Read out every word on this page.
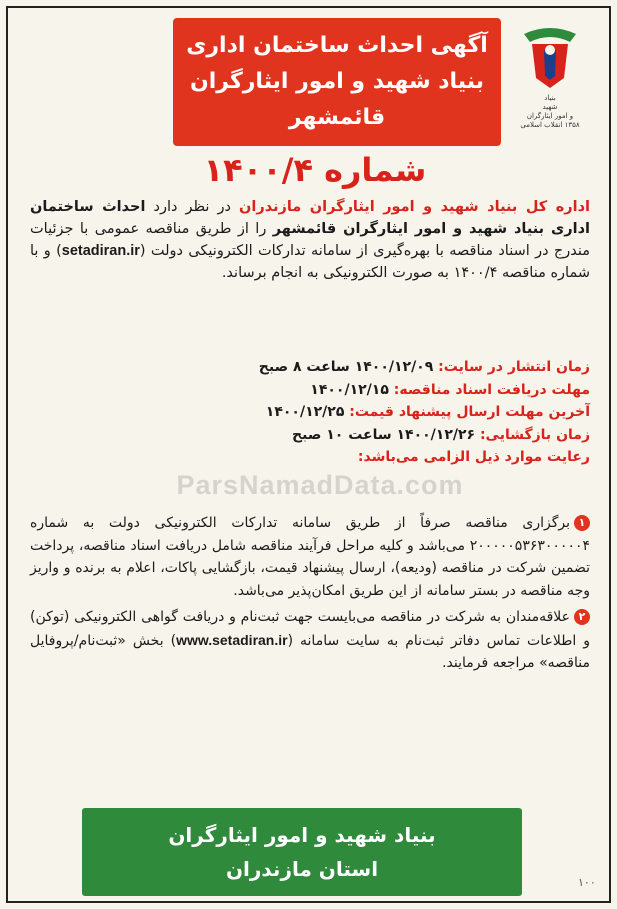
آگهی احداث ساختمان اداری
بنیاد شهید و امور ایثارگران
قائمشهر
بنیاد
شهید
و امور ایثارگران
۱۳۵۸ انقلاب اسلامی
شماره ۱۴۰۰/۴

اداره کل بنیاد شهید و امور ایثارگران مازندران در نظر دارد احداث ساختمان اداری بنیاد شهید و امور ایثارگران قائمشهر را از طریق مناقصه عمومی با جزئیات مندرج در اسناد مناقصه با بهره‌گیری از سامانه تدارکات الکترونیکی دولت (setadiran.ir) و با شماره مناقصه ۱۴۰۰/۴ به صورت الکترونیکی به انجام برساند.

زمان انتشار در سایت: ۱۴۰۰/۱۲/۰۹ ساعت ۸ صبح
مهلت دریافت اسناد مناقصه: ۱۴۰۰/۱۲/۱۵
آخرین مهلت ارسال پیشنهاد قیمت: ۱۴۰۰/۱۲/۲۵
زمان بازگشایی: ۱۴۰۰/۱۲/۲۶ ساعت ۱۰ صبح
رعایت موارد ذیل الزامی می‌باشد:
۱برگزاری مناقصه صرفاً از طریق سامانه تدارکات الکترونیکی دولت به شماره ۲۰۰۰۰۰۵۳۶۳۰۰۰۰۰۴ می‌باشد و کلیه مراحل فرآیند مناقصه شامل دریافت اسناد مناقصه، پرداخت تضمین شرکت در مناقصه (ودیعه)، ارسال پیشنهاد قیمت، بازگشایی پاکات، اعلام به برنده و واریز وجه مناقصه در بستر سامانه از این طریق امکان‌پذیر می‌باشد.
۲علاقه‌مندان به شرکت در مناقصه می‌بایست جهت ثبت‌نام و دریافت گواهی الکترونیکی (توکن) و اطلاعات تماس دفاتر ثبت‌نام به سایت سامانه (www.setadiran.ir) بخش «ثبت‌نام/پروفایل مناقصه» مراجعه فرمایند.
ParsNamadData.com
بنیاد شهید و امور ایثارگران
استان مازندران
۱۰۰
